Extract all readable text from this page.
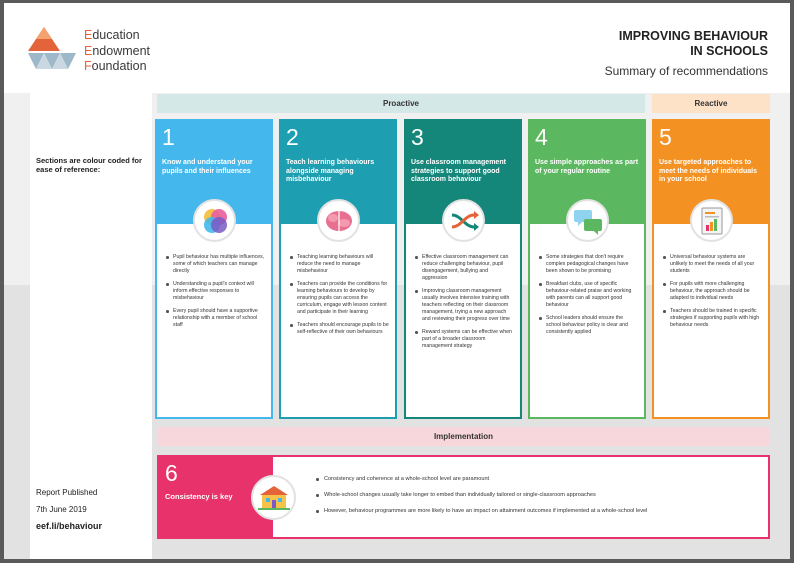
Education
Endowment
Foundation
IMPROVING BEHAVIOUR
IN SCHOOLS
Summary of recommendations
Sections are colour coded for ease of reference:
Report Published
7th June 2019
eef.li/behaviour
Proactive	Reactive
1
Know and understand your pupils and their influences
Pupil behaviour has multiple influences, some of which teachers can manage directly
Understanding a pupil's context will inform effective responses to misbehaviour
Every pupil should have a supportive relationship with a member of school staff
2
Teach learning behaviours alongside managing misbehaviour
Teaching learning behaviours will reduce the need to manage misbehaviour
Teachers can provide the conditions for learning behaviours to develop by ensuring pupils can access the curriculum, engage with lesson content and participate in their learning
Teachers should encourage pupils to be self-reflective of their own behaviours
3
Use classroom management strategies to support good classroom behaviour
Effective classroom management can reduce challenging behaviour, pupil disengagement, bullying and aggression
Improving classroom management usually involves intensive training with teachers reflecting on their classroom management, trying a new approach and reviewing their progress over time
Reward systems can be effective when part of a broader classroom management strategy
4
Use simple approaches as part of your regular routine
Some strategies that don't require complex pedagogical changes have been shown to be promising
Breakfast clubs, use of specific behaviour-related praise and working with parents can all support good behaviour
School leaders should ensure the school behaviour policy is clear and consistently applied
5
Use targeted approaches to meet the needs of individuals in your school
Universal behaviour systems are unlikely to meet the needs of all your students
For pupils with more challenging behaviour, the approach should be adapted to individual needs
Teachers should be trained in specific strategies if supporting pupils with high behaviour needs
Implementation
6
Consistency is key
Consistency and coherence at a whole-school level are paramount
Whole-school changes usually take longer to embed than individually tailored or single-classroom approaches
However, behaviour programmes are more likely to have an impact on attainment outcomes if implemented at a whole-school level
